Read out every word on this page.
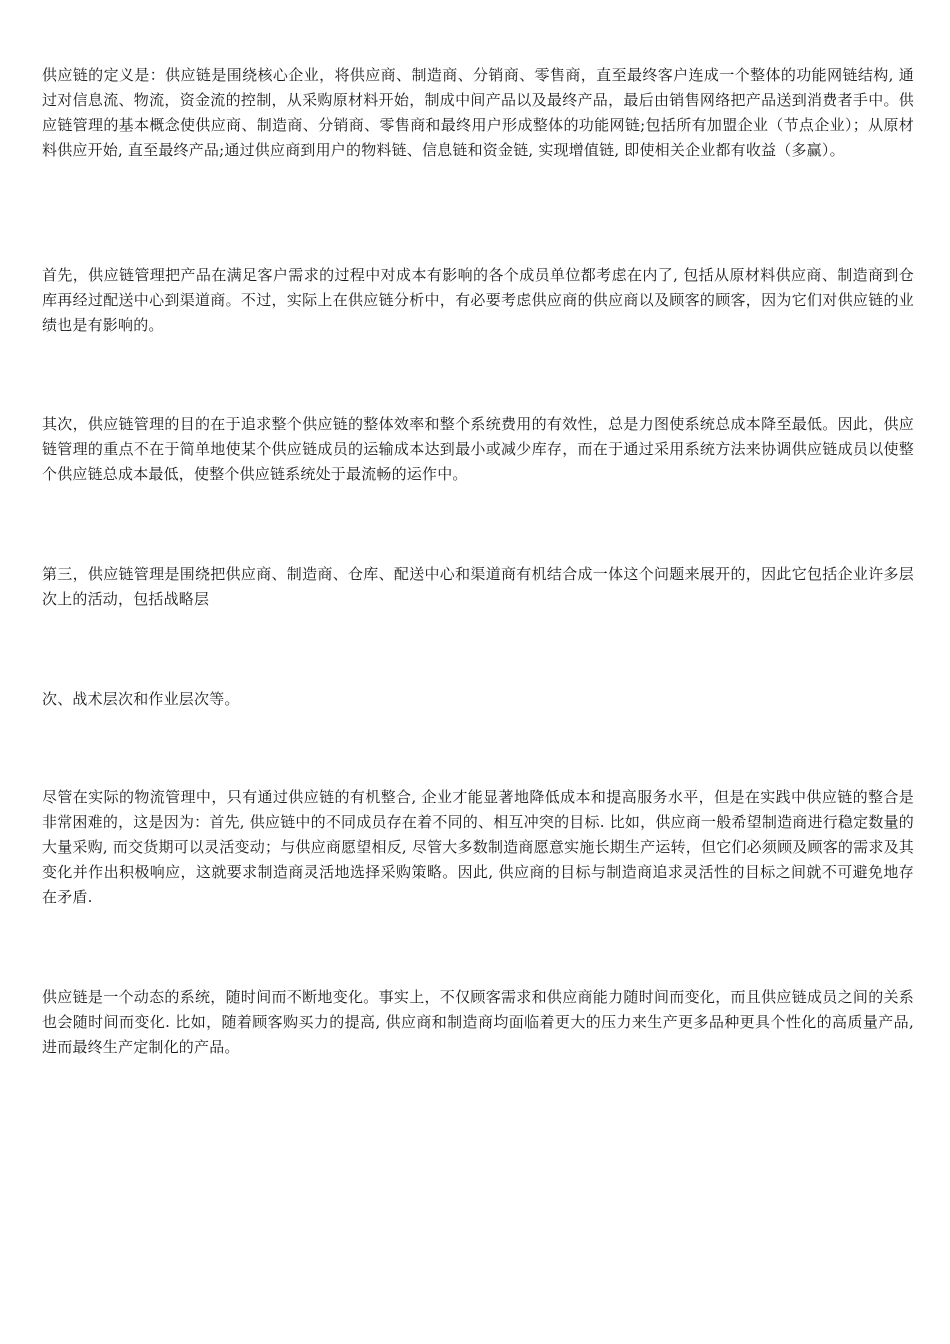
供应链的定义是：供应链是围绕核心企业，将供应商、制造商、分销商、零售商，直至最终客户连成一个整体的功能网链结构, 通过对信息流、物流，资金流的控制，从采购原材料开始，制成中间产品以及最终产品，最后由销售网络把产品送到消费者手中。供应链管理的基本概念使供应商、制造商、分销商、零售商和最终用户形成整体的功能网链;包括所有加盟企业（节点企业）；从原材料供应开始, 直至最终产品;通过供应商到用户的物料链、信息链和资金链, 实现增值链, 即使相关企业都有收益（多赢）。

首先，供应链管理把产品在满足客户需求的过程中对成本有影响的各个成员单位都考虑在内了, 包括从原材料供应商、制造商到仓库再经过配送中心到渠道商。不过，实际上在供应链分析中，有必要考虑供应商的供应商以及顾客的顾客，因为它们对供应链的业绩也是有影响的。

其次，供应链管理的目的在于追求整个供应链的整体效率和整个系统费用的有效性，总是力图使系统总成本降至最低。因此，供应链管理的重点不在于简单地使某个供应链成员的运输成本达到最小或减少库存，而在于通过采用系统方法来协调供应链成员以使整个供应链总成本最低，使整个供应链系统处于最流畅的运作中。

第三，供应链管理是围绕把供应商、制造商、仓库、配送中心和渠道商有机结合成一体这个问题来展开的，因此它包括企业许多层次上的活动，包括战略层

次、战术层次和作业层次等。

尽管在实际的物流管理中，只有通过供应链的有机整合, 企业才能显著地降低成本和提高服务水平，但是在实践中供应链的整合是非常困难的，这是因为：首先, 供应链中的不同成员存在着不同的、相互冲突的目标. 比如，供应商一般希望制造商进行稳定数量的大量采购, 而交货期可以灵活变动；与供应商愿望相反, 尽管大多数制造商愿意实施长期生产运转，但它们必须顾及顾客的需求及其变化并作出积极响应，这就要求制造商灵活地选择采购策略。因此, 供应商的目标与制造商追求灵活性的目标之间就不可避免地存在矛盾.

供应链是一个动态的系统，随时间而不断地变化。事实上，不仅顾客需求和供应商能力随时间而变化，而且供应链成员之间的关系也会随时间而变化. 比如，随着顾客购买力的提高, 供应商和制造商均面临着更大的压力来生产更多品种更具个性化的高质量产品, 进而最终生产定制化的产品。
